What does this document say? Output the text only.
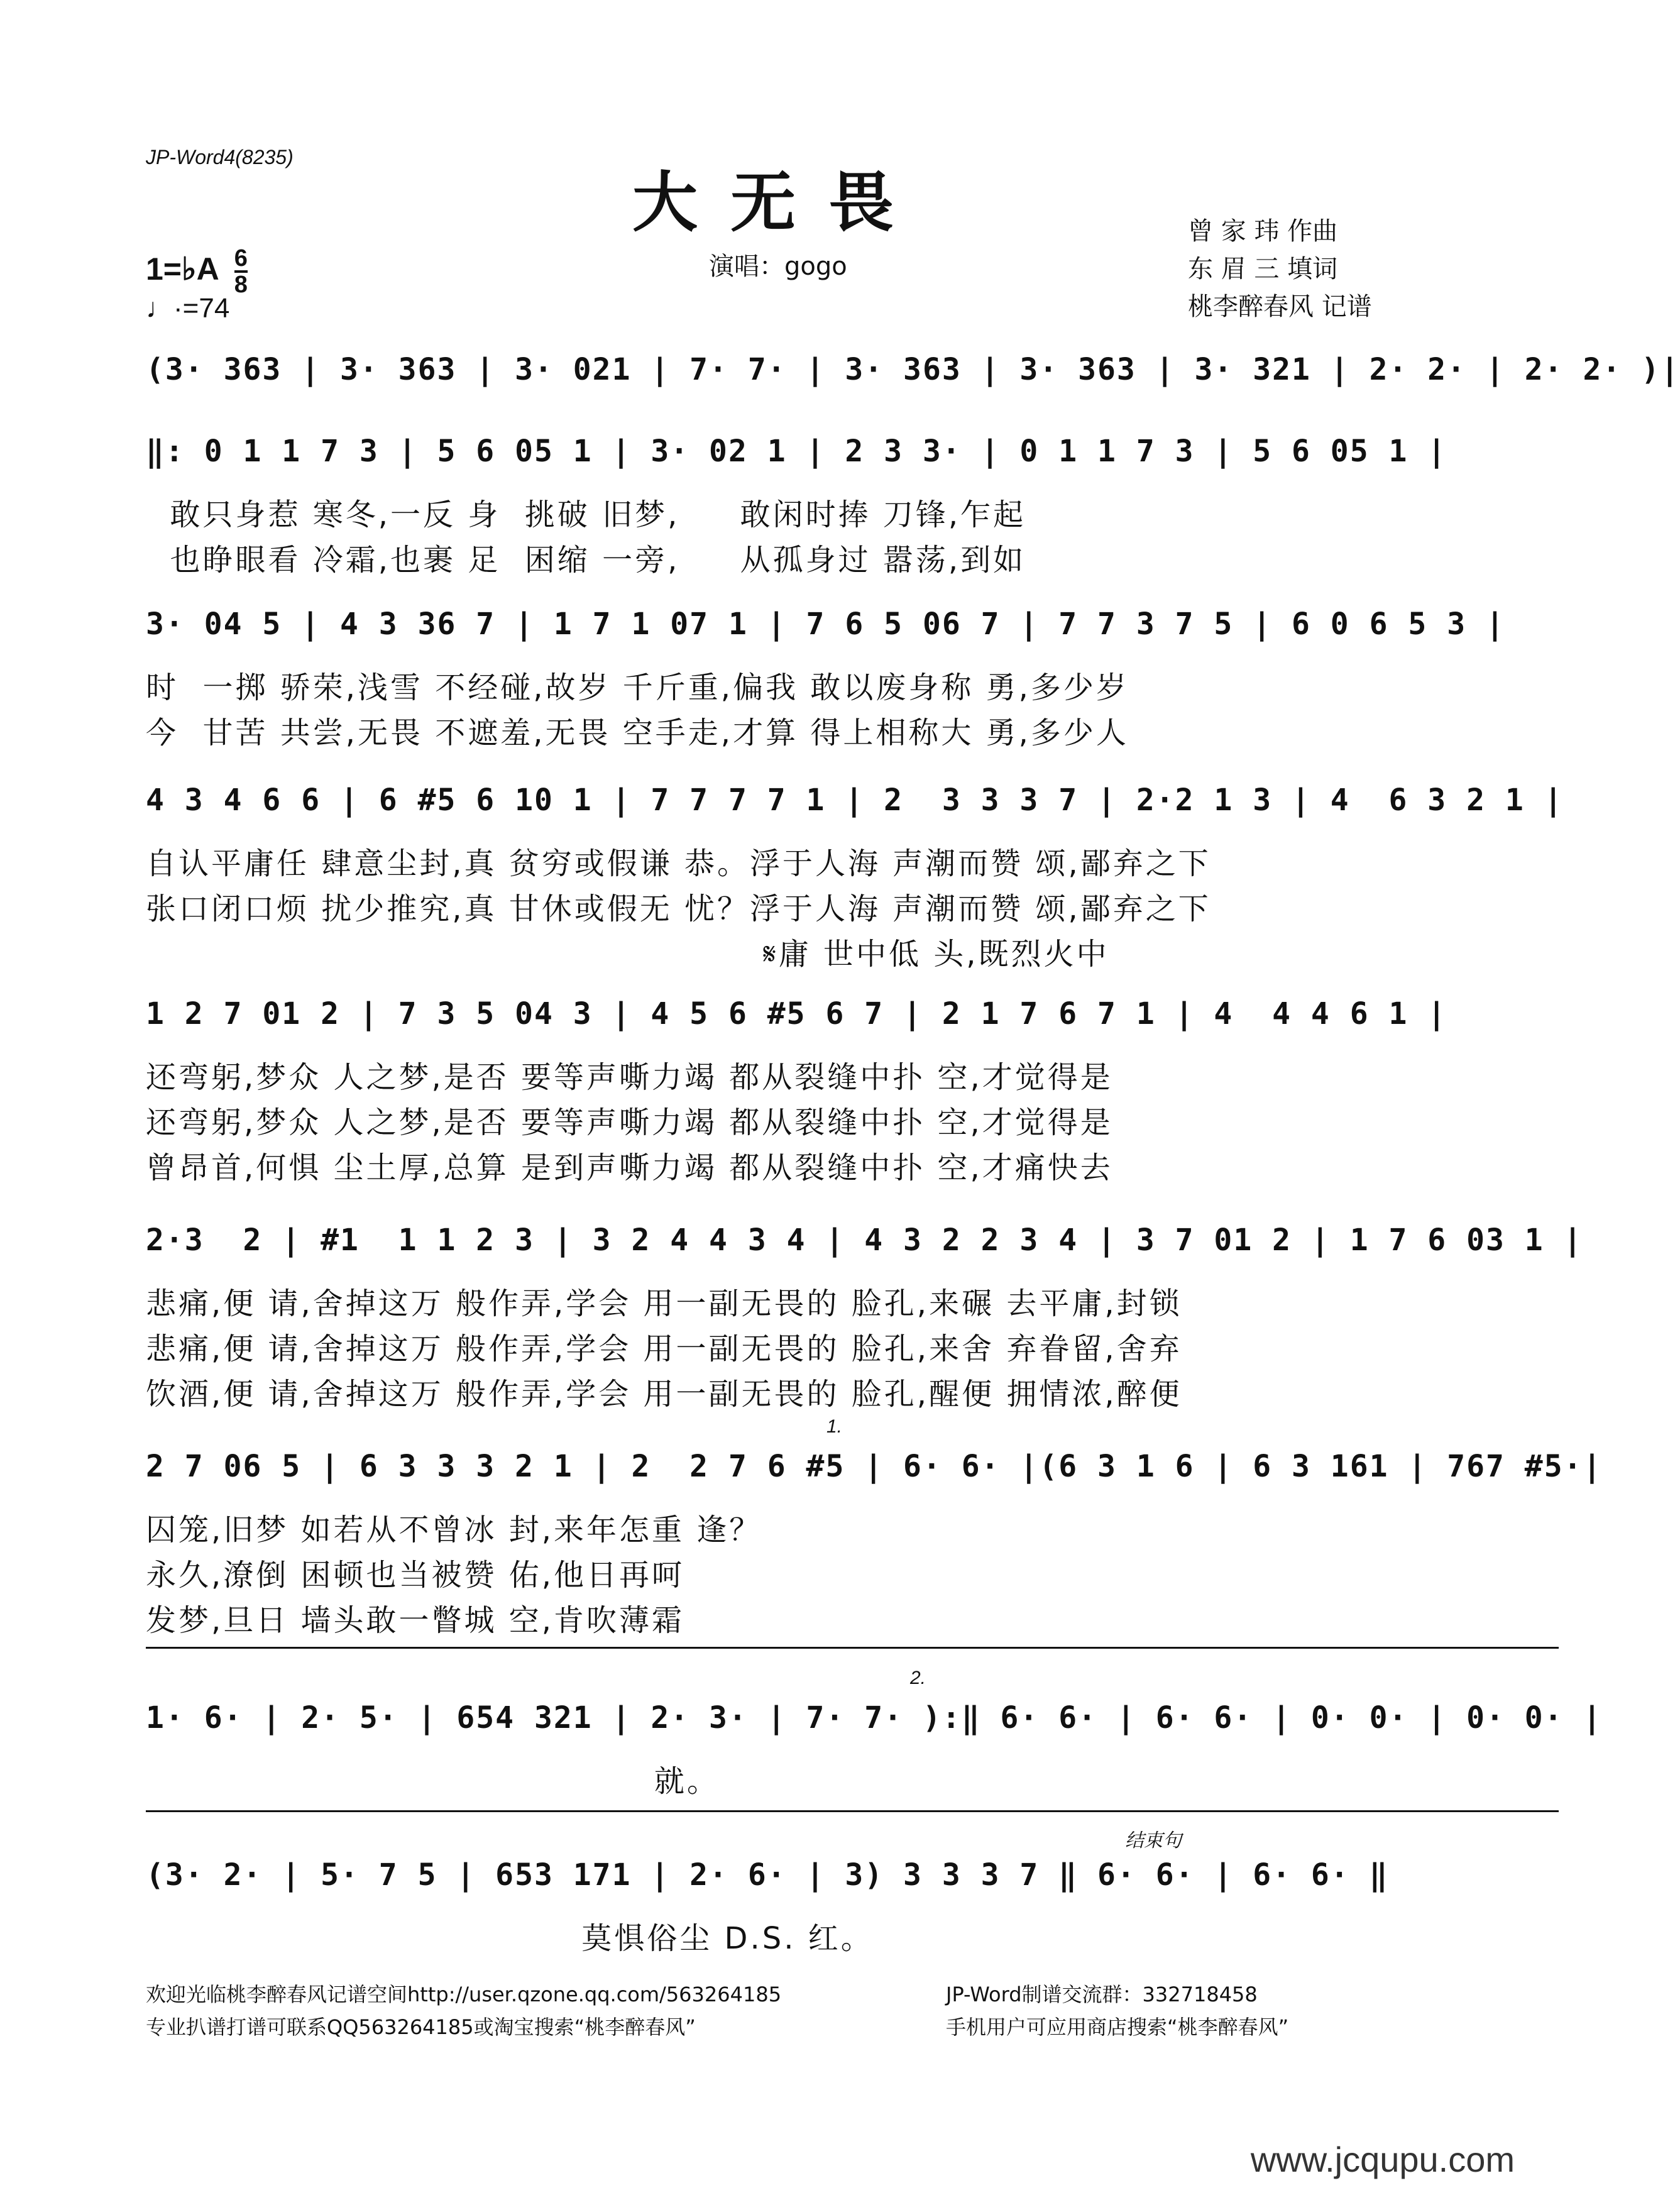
JP-Word4(8235)
大无畏
1=♭A $\frac{6}{8}$
♩·=74
演唱：gogo
曾 家 玮 作曲
东 眉 三 填词
桃李醉春风 记谱
(3· 363 | 3· 363 | 3· 021 | 7· 7· | 3· 363 | 3· 363 | 3· 321 | 2· 2· | 2· 2· )|
‖: 0 1 1 7 3 | 5 6 05 1 | 3· 02 1 | 2 3 3· | 0 1 1 7 3 | 5 6 05 1 |
敢只身惹 寒冬,一反 身  挑破 旧梦,     敢闲时捧 刀锋,乍起
也睁眼看 冷霜,也裹 足  困缩 一旁,     从孤身过 嚣荡,到如
3· 04 5 | 4 3 36 7 | 1 7 1 07 1 | 7 6 5 06 7 | 7 7 3 7 5 | 6 0 6 5 3 |
时  一掷 骄荣,浅雪 不经碰,故岁 千斤重,偏我 敢以废身称 勇,多少岁
今  甘苦 共尝,无畏 不遮羞,无畏 空手走,才算 得上相称大 勇,多少人
4 3 4 6 6 | 6 #5 6 10 1 | 7 7 7 7 1 | 2  3 3 3 7 | 2·2 1 3 | 4  6 3 2 1 |
自认平庸任 肆意尘封,真 贫穷或假谦 恭。浮于人海 声潮而赞 颂,鄙弃之下
张口闭口烦 扰少推究,真 甘休或假无 忧？浮于人海 声潮而赞 颂,鄙弃之下
𝄋庸 世中低 头,既烈火中
1 2 7 01 2 | 7 3 5 04 3 | 4 5 6 #5 6 7 | 2 1 7 6 7 1 | 4  4 4 6 1 |
还弯躬,梦众 人之梦,是否 要等声嘶力竭 都从裂缝中扑 空,才觉得是
还弯躬,梦众 人之梦,是否 要等声嘶力竭 都从裂缝中扑 空,才觉得是
曾昂首,何惧 尘土厚,总算 是到声嘶力竭 都从裂缝中扑 空,才痛快去
2·3  2 | #1  1 1 2 3 | 3 2 4 4 3 4 | 4 3 2 2 3 4 | 3 7 01 2 | 1 7 6 03 1 |
悲痛,便 请,舍掉这万 般作弄,学会 用一副无畏的 脸孔,来碾 去平庸,封锁
悲痛,便 请,舍掉这万 般作弄,学会 用一副无畏的 脸孔,来舍 弃眷留,舍弃
饮酒,便 请,舍掉这万 般作弄,学会 用一副无畏的 脸孔,醒便 拥情浓,醉便
2 7 06 5 | 6 3 3 3 2 1 | 2  2 7 6 #5 | 6· 6· |(6 3 1 6 | 6 3 161 | 767 #5·|
1.
囚笼,旧梦 如若从不曾冰 封,来年怎重 逢？
永久,潦倒 困顿也当被赞 佑,他日再呵
发梦,旦日 墙头敢一瞥城 空,肯吹薄霜
1· 6· | 2· 5· | 654 321 | 2· 3· | 7· 7· ):‖ 6· 6· | 6· 6· | 0· 0· | 0· 0· |
2.
就。
(3· 2· | 5· 7 5 | 653 171 | 2· 6· | 3) 3 3 3 7 ‖ 6· 6· | 6· 6· ‖
结束句
莫惧俗尘 D.S. 红。
欢迎光临桃李醉春风记谱空间http://user.qzone.qq.com/563264185	JP-Word制谱交流群：332718458
专业扒谱打谱可联系QQ563264185或淘宝搜索“桃李醉春风”	手机用户可应用商店搜索“桃李醉春风”
www.jcqupu.com
